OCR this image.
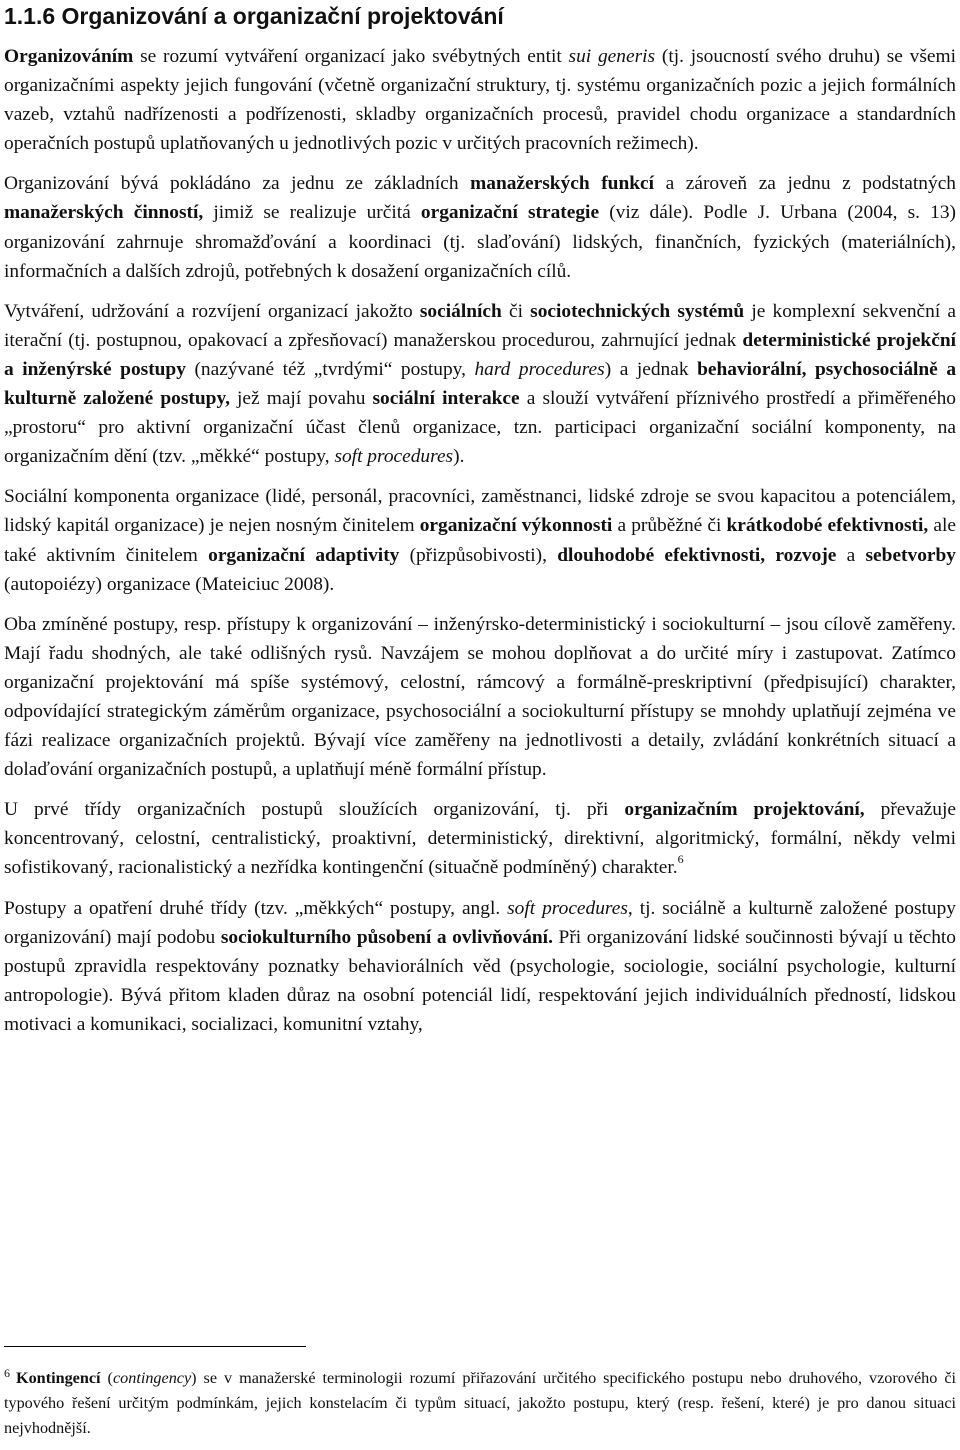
1.1.6 Organizování a organizační projektování

Organizováním se rozumí vytváření organizací jako svébytných entit sui generis (tj. jsoucností svého druhu) se všemi organizačními aspekty jejich fungování (včetně organizační struktury, tj. systému organizačních pozic a jejich formálních vazeb, vztahů nadřízenosti a podřízenosti, skladby organizačních procesů, pravidel chodu organizace a standardních operačních postupů uplatňovaných u jednotlivých pozic v určitých pracovních režimech).

Organizování bývá pokládáno za jednu ze základních manažerských funkcí a zároveň za jednu z podstatných manažerských činností, jimiž se realizuje určitá organizační strategie (viz dále). Podle J. Urbana (2004, s. 13) organizování zahrnuje shromažďování a koordinaci (tj. slaďování) lidských, finančních, fyzických (materiálních), informačních a dalších zdrojů, potřebných k dosažení organizačních cílů.

Vytváření, udržování a rozvíjení organizací jakožto sociálních či sociotechnických systémů je komplexní sekvenční a iterační (tj. postupnou, opakovací a zpřesňovací) manažerskou procedurou, zahrnující jednak deterministické projekční a inženýrské postupy (nazývané též „tvrdými“ postupy, hard procedures) a jednak behaviorální, psychosociálně a kulturně založené postupy, jež mají povahu sociální interakce a slouží vytváření příznivého prostředí a přiměřeného „prostoru“ pro aktivní organizační účast členů organizace, tzn. participaci organizační sociální komponenty, na organizačním dění (tzv. „měkké“ postupy, soft procedures).

Sociální komponenta organizace (lidé, personál, pracovníci, zaměstnanci, lidské zdroje se svou kapacitou a potenciálem, lidský kapitál organizace) je nejen nosným činitelem organizační výkonnosti a průběžné či krátkodobé efektivnosti, ale také aktivním činitelem organizační adaptivity (přizpůsobivosti), dlouhodobé efektivnosti, rozvoje a sebetvorby (autopoiézy) organizace (Mateiciuc 2008).

Oba zmíněné postupy, resp. přístupy k organizování – inženýrsko-deterministický i sociokulturní – jsou cílově zaměřeny. Mají řadu shodných, ale také odlišných rysů. Navzájem se mohou doplňovat a do určité míry i zastupovat. Zatímco organizační projektování má spíše systémový, celostní, rámcový a formálně-preskriptivní (předpisující) charakter, odpovídající strategickým záměrům organizace, psychosociální a sociokulturní přístupy se mnohdy uplatňují zejména ve fázi realizace organizačních projektů. Bývají více zaměřeny na jednotlivosti a detaily, zvládání konkrétních situací a dolaďování organizačních postupů, a uplatňují méně formální přístup.

U prvé třídy organizačních postupů sloužících organizování, tj. při organizačním projektování, převažuje koncentrovaný, celostní, centralistický, proaktivní, deterministický, direktivní, algoritmický, formální, někdy velmi sofistikovaný, racionalistický a nezřídka kontingenční (situačně podmíněný) charakter.$^6$

Postupy a opatření druhé třídy (tzv. „měkkých“ postupy, angl. soft procedures, tj. sociálně a kulturně založené postupy organizování) mají podobu sociokulturního působení a ovlivňování. Při organizování lidské součinnosti bývají u těchto postupů zpravidla respektovány poznatky behaviorálních věd (psychologie, sociologie, sociální psychologie, kulturní antropologie). Bývá přitom kladen důraz na osobní potenciál lidí, respektování jejich individuálních předností, lidskou motivaci a komunikaci, socializaci, komunitní vztahy,

$^6$ Kontingencí (contingency) se v manažerské terminologii rozumí přiřazování určitého specifického postupu nebo druhového, vzorového či typového řešení určitým podmínkám, jejich konstelacím či typům situací, jakožto postupu, který (resp. řešení, které) je pro danou situaci nejvhodnější.
